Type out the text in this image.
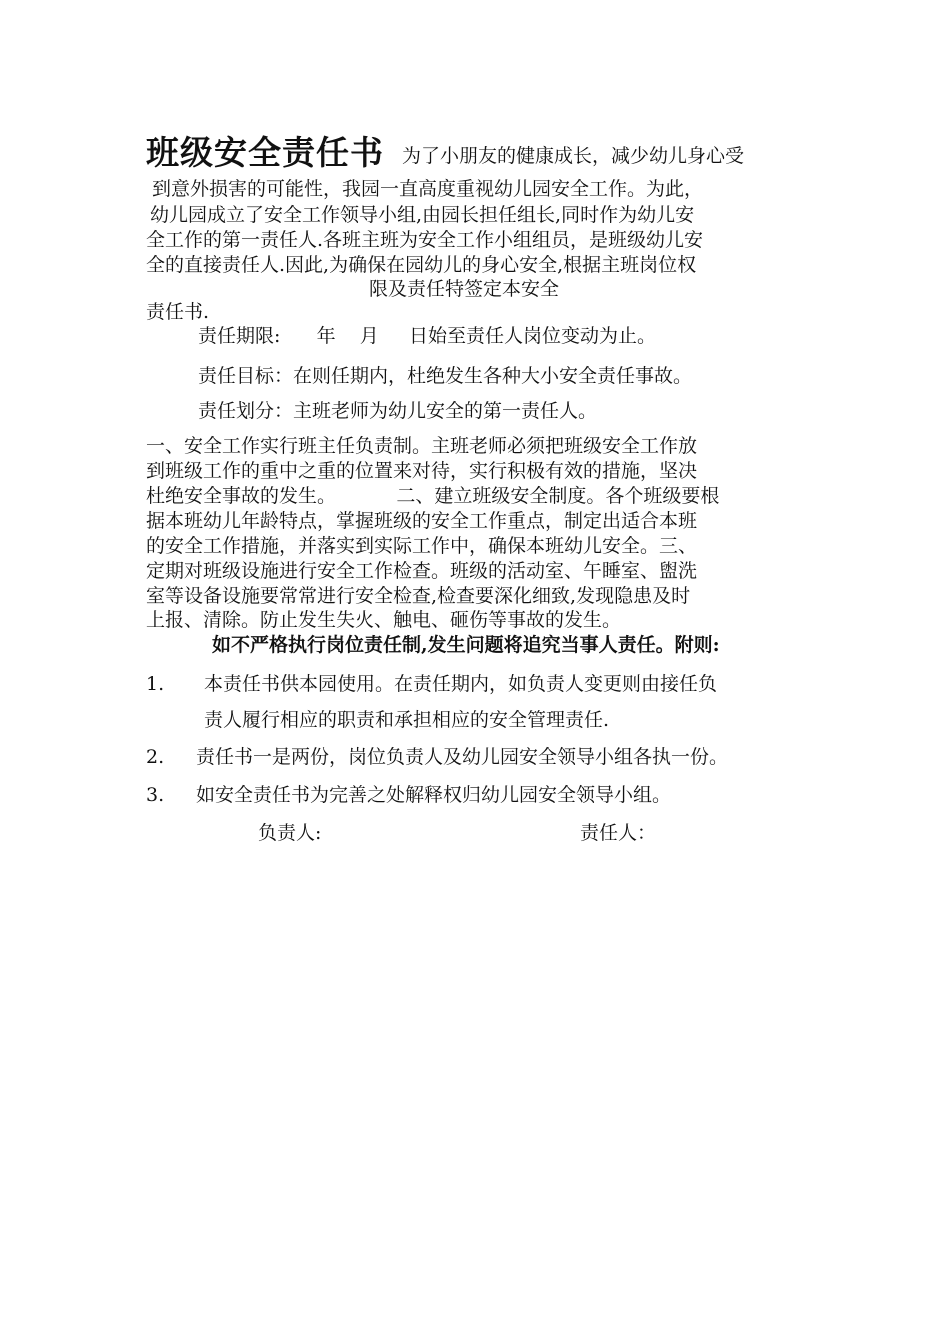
班级安全责任书 为了小朋友的健康成长，减少幼儿身心受
到意外损害的可能性，我园一直高度重视幼儿园安全工作。为此，
幼儿园成立了安全工作领导小组,由园长担任组长,同时作为幼儿安
全工作的第一责任人.各班主班为安全工作小组组员，是班级幼儿安
全的直接责任人.因此,为确保在园幼儿的身心安全,根据主班岗位权
限及责任特签定本安全
责任书.
责任期限:      年    月     日始至责任人岗位变动为止。
责任目标：在则任期内，杜绝发生各种大小安全责任事故。
责任划分：主班老师为幼儿安全的第一责任人。
一、安全工作实行班主任负责制。主班老师必须把班级安全工作放
到班级工作的重中之重的位置来对待，实行积极有效的措施，坚决
杜绝安全事故的发生。          二、建立班级安全制度。各个班级要根
据本班幼儿年龄特点，掌握班级的安全工作重点，制定出适合本班
的安全工作措施，并落实到实际工作中，确保本班幼儿安全。三、
定期对班级设施进行安全工作检查。班级的活动室、午睡室、盥洗
室等设备设施要常常进行安全检查,检查要深化细致,发现隐患及时
上报、清除。防止发生失火、触电、砸伤等事故的发生。
如不严格执行岗位责任制,发生问题将追究当事人责任。附则:
1. 本责任书供本园使用。在责任期内，如负责人变更则由接任负
责人履行相应的职责和承担相应的安全管理责任.
2. 责任书一是两份，岗位负责人及幼儿园安全领导小组各执一份。
3. 如安全责任书为完善之处解释权归幼儿园安全领导小组。
负责人:	责任人：
